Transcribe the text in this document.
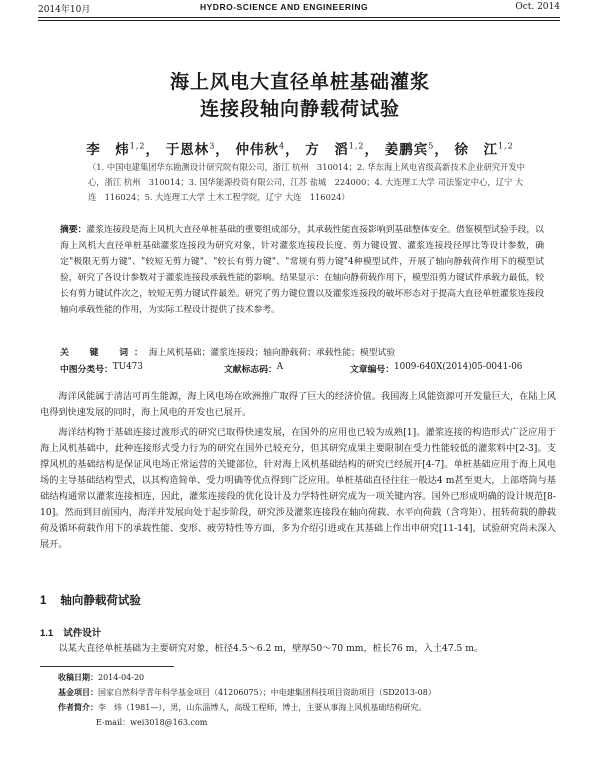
2014年10月	HYDRO-SCIENCE AND ENGINEERING	Oct. 2014
海上风电大直径单桩基础灌浆
连接段轴向静载荷试验
李　炜$^{1,2}$， 于恩林$^3$， 仲伟秋$^4$， 方　滔$^{1,2}$， 姜鹏宾$^5$， 徐　江$^{1,2}$
（1. 中国电建集团华东勘测设计研究院有限公司，浙江 杭州　310014；2. 华东海上风电省级高新技术企业研究开发中心，浙江 杭州　310014；3. 国华能源投资有限公司，江苏 盐城　224000；4. 大连理工大学 司法鉴定中心，辽宁 大连　116024；5. 大连理工大学 土木工程学院，辽宁 大连　116024）
摘要：灌浆连接段是海上风机大直径单桩基础的重要组成部分，其承载性能直接影响到基础整体安全。借鉴模型试验手段，以海上风机大直径单桩基础灌浆连接段为研究对象，针对灌浆连接段长度、剪力键设置、灌浆连接段径厚比等设计参数，确定"极限无剪力键"、"较短无剪力键"、"较长有剪力键"、"常规有剪力键"4种模型试件，开展了轴向静载荷作用下的模型试验，研究了各设计参数对于灌浆连接段承载性能的影响。结果显示：在轴向静荷载作用下，模型沿剪力键试件承载力最低，较长有剪力键试件次之，较短无剪力键试件最差。研究了剪力键位置以及灌浆连接段的破坏形态对于提高大直径单桩灌浆连接段轴向承载性能的作用，为实际工程设计提供了技术参考。
关　键　词：海上风机基础；灌浆连接段；轴向静载荷；承载性能；模型试验
中图分类号： TU473	文献标志码： A	文章编号： 1009-640X(2014)05-0041-06
海洋风能属于清洁可再生能源，海上风电场在欧洲推广取得了巨大的经济价值。我国海上风能资源可开发量巨大，在陆上风电得到快速发展的同时，海上风电的开发也已展开。
海洋结构物于基础连接过渡形式的研究已取得快速发展，在国外的应用也已较为成熟[1]。灌浆连接的构造形式广泛应用于海上风机基础中，此种连接形式受力行为的研究在国外已较充分，但其研究成果主要限制在受力性能较低的灌浆料中[2-3]。支撑风机的基础结构是保证风电场正常运营的关键部位，针对海上风机基础结构的研究已经展开[4-7]。单桩基础应用于海上风电场的主导基础结构型式，以其构造简单、受力明确等优点得到广泛应用。单桩基础直径往往一般达4 m甚至更大，上部塔筒与基础结构通常以灌浆连接相连，因此，灌浆连接段的优化设计及力学特性研究成为一项关键内容。国外已形成明确的设计规范[8-10]。然而到目前国内，海洋并发展向处于起步阶段，研究涉及灌浆连接段在轴向荷载、水平向荷载（含弯矩）、扭转荷载的静载荷及循环荷载作用下的承载性能、变形、疲劳特性等方面，多为介绍引进或在其基础上作出申研究[11-14]，试验研究尚未深入展开。
1 轴向静载荷试验
1.1 试件设计
以某大直径单桩基础为主要研究对象，桩径4.5～6.2 m，壁厚50～70 mm，桩长76 m，入土47.5 m。
收稿日期：2014-04-20
基金项目：国家自然科学青年科学基金项目（41206075）；中电建集团科技项目资助项目（SD2013-08）
作者简介：李　炜（1981—），男，山东淄博人，高级工程师，博士，主要从事海上风机基础结构研究。
E-mail：wei3018@163.com
